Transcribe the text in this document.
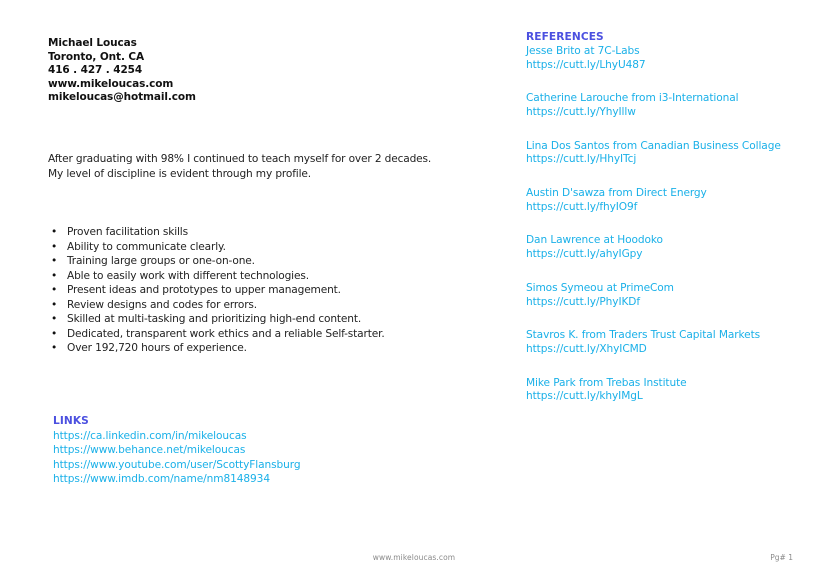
Michael Loucas
Toronto, Ont. CA
416 . 427 . 4254
www.mikeloucas.com
mikeloucas@hotmail.com
After graduating with 98% I continued to teach myself for over 2 decades.
My level of discipline is evident through my profile.
• Proven facilitation skills
• Ability to communicate clearly.
• Training large groups or one-on-one.
• Able to easily work with different technologies.
• Present ideas and prototypes to upper management.
• Review designs and codes for errors.
• Skilled at multi-tasking and prioritizing high-end content.
• Dedicated, transparent work ethics and a reliable Self-starter.
• Over 192,720 hours of experience.
LINKS
https://ca.linkedin.com/in/mikeloucas
https://www.behance.net/mikeloucas
https://www.youtube.com/user/ScottyFlansburg
https://www.imdb.com/name/nm8148934
REFERENCES
Jesse Brito at 7C-Labs
https://cutt.ly/LhyU487
Catherine Larouche from i3-International
https://cutt.ly/YhyIllw
Lina Dos Santos from Canadian Business Collage
https://cutt.ly/HhyITcj
Austin D'sawza from Direct Energy
https://cutt.ly/fhyIO9f
Dan Lawrence at Hoodoko
https://cutt.ly/ahyIGpy
Simos Symeou at PrimeCom
https://cutt.ly/PhyIKDf
Stavros K. from Traders Trust Capital Markets
https://cutt.ly/XhyICMD
Mike Park from Trebas Institute
https://cutt.ly/khyIMgL
www.mikeloucas.com	Pg# 1
